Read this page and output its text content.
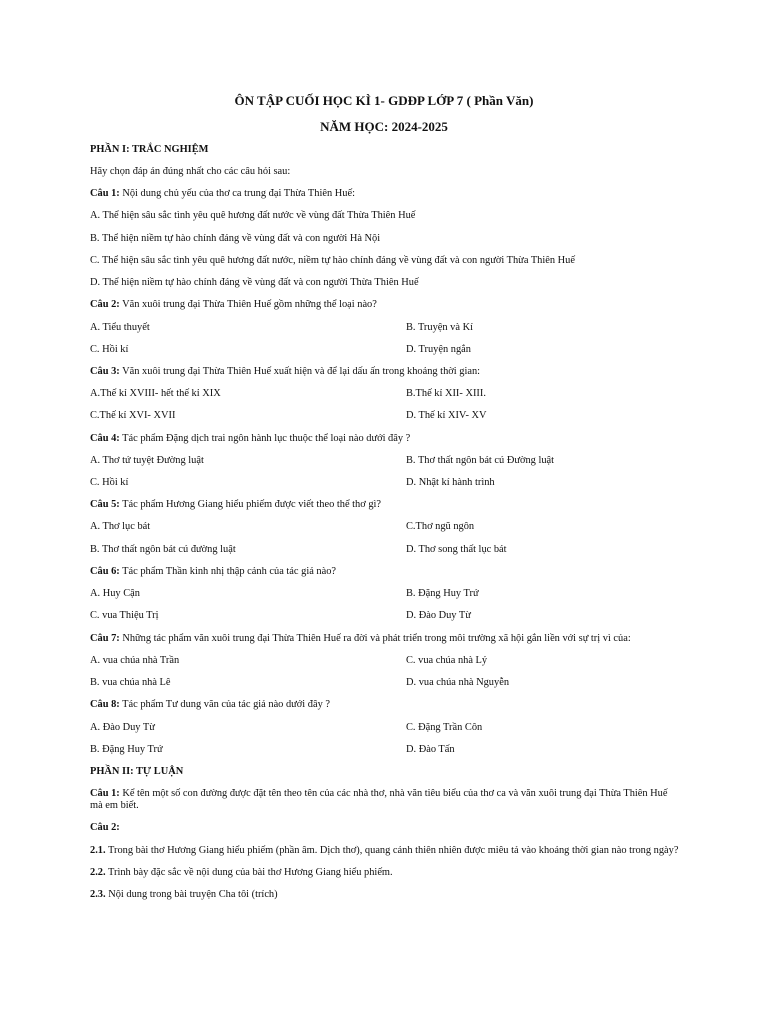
ÔN TẬP CUỐI HỌC KÌ 1- GDĐP LỚP 7 ( Phần Văn)
NĂM HỌC: 2024-2025
PHẦN I: TRẮC NGHIỆM
Hãy chọn đáp án đúng nhất cho các câu hỏi sau:
Câu 1: Nội dung chủ yếu của thơ ca trung đại Thừa Thiên Huế:
A. Thể hiện sâu sắc tình yêu quê hương đất nước về vùng đất Thừa Thiên Huế
B. Thể hiện niềm tự hào chính đáng về vùng đất và con người Hà Nội
C. Thể hiện sâu sắc tình yêu quê hương đất nước, niềm tự hào chính đáng về vùng đất và con người Thừa Thiên Huế
D. Thể hiện niềm tự hào chính đáng về vùng đất và con người Thừa Thiên Huế
Câu 2: Văn xuôi trung đại Thừa Thiên Huế gồm những thể loại nào?
A. Tiểu thuyết	B. Truyện và Kí
C. Hồi kí	D. Truyện ngắn
Câu 3: Văn xuôi trung đại Thừa Thiên Huế xuất hiện và để lại dấu ấn trong khoảng thời gian:
A.Thế kỉ XVIII- hết thế kỉ XIX	B.Thế kỉ XII- XIII.
C.Thế kỉ XVI- XVII	D. Thế kỉ XIV- XV
Câu 4: Tác phẩm Đặng dịch trai ngôn hành lục thuộc thể loại nào dưới đây ?
A. Thơ tứ tuyệt Đường luật	B. Thơ thất ngôn bát cú Đường luật
C. Hồi kí	D. Nhật kí hành trình
Câu 5: Tác phẩm Hương Giang hiểu phiếm được viết theo thể thơ gì?
A. Thơ lục bát	C.Thơ ngũ ngôn
B. Thơ thất ngôn bát cú đường luật	D. Thơ song thất lục bát
Câu 6: Tác phẩm Thần kinh nhị thập cảnh của tác giả nào?
A. Huy Cận	B. Đặng Huy Trứ
C. vua Thiệu Trị	D. Đào Duy Từ
Câu 7: Những tác phẩm văn xuôi trung đại Thừa Thiên Huế ra đời và phát triển trong môi trường xã hội gắn liền với sự trị vì của:
A. vua chúa nhà Trần	C. vua chúa nhà Lý
B. vua chúa nhà Lê	D. vua chúa nhà Nguyễn
Câu 8: Tác phẩm Tư dung vãn của tác giả nào dưới đây ?
A. Đào Duy Từ	C. Đặng Trần Côn
B. Đặng Huy Trứ	D. Đào Tấn
PHẦN II: TỰ LUẬN
Câu 1: Kể tên một số con đường được đặt tên theo tên của các nhà thơ, nhà văn tiêu biểu của thơ ca và văn xuôi trung đại Thừa Thiên Huế mà em biết.
Câu 2:
2.1. Trong bài thơ Hương Giang hiểu phiếm (phần âm. Dịch thơ), quang cảnh thiên nhiên được miêu tả vào khoảng thời gian nào trong ngày?
2.2. Trình bày đặc sắc về nội dung của bài thơ Hương Giang hiểu phiếm.
2.3. Nội dung trong bài truyện Cha tôi (trích)
